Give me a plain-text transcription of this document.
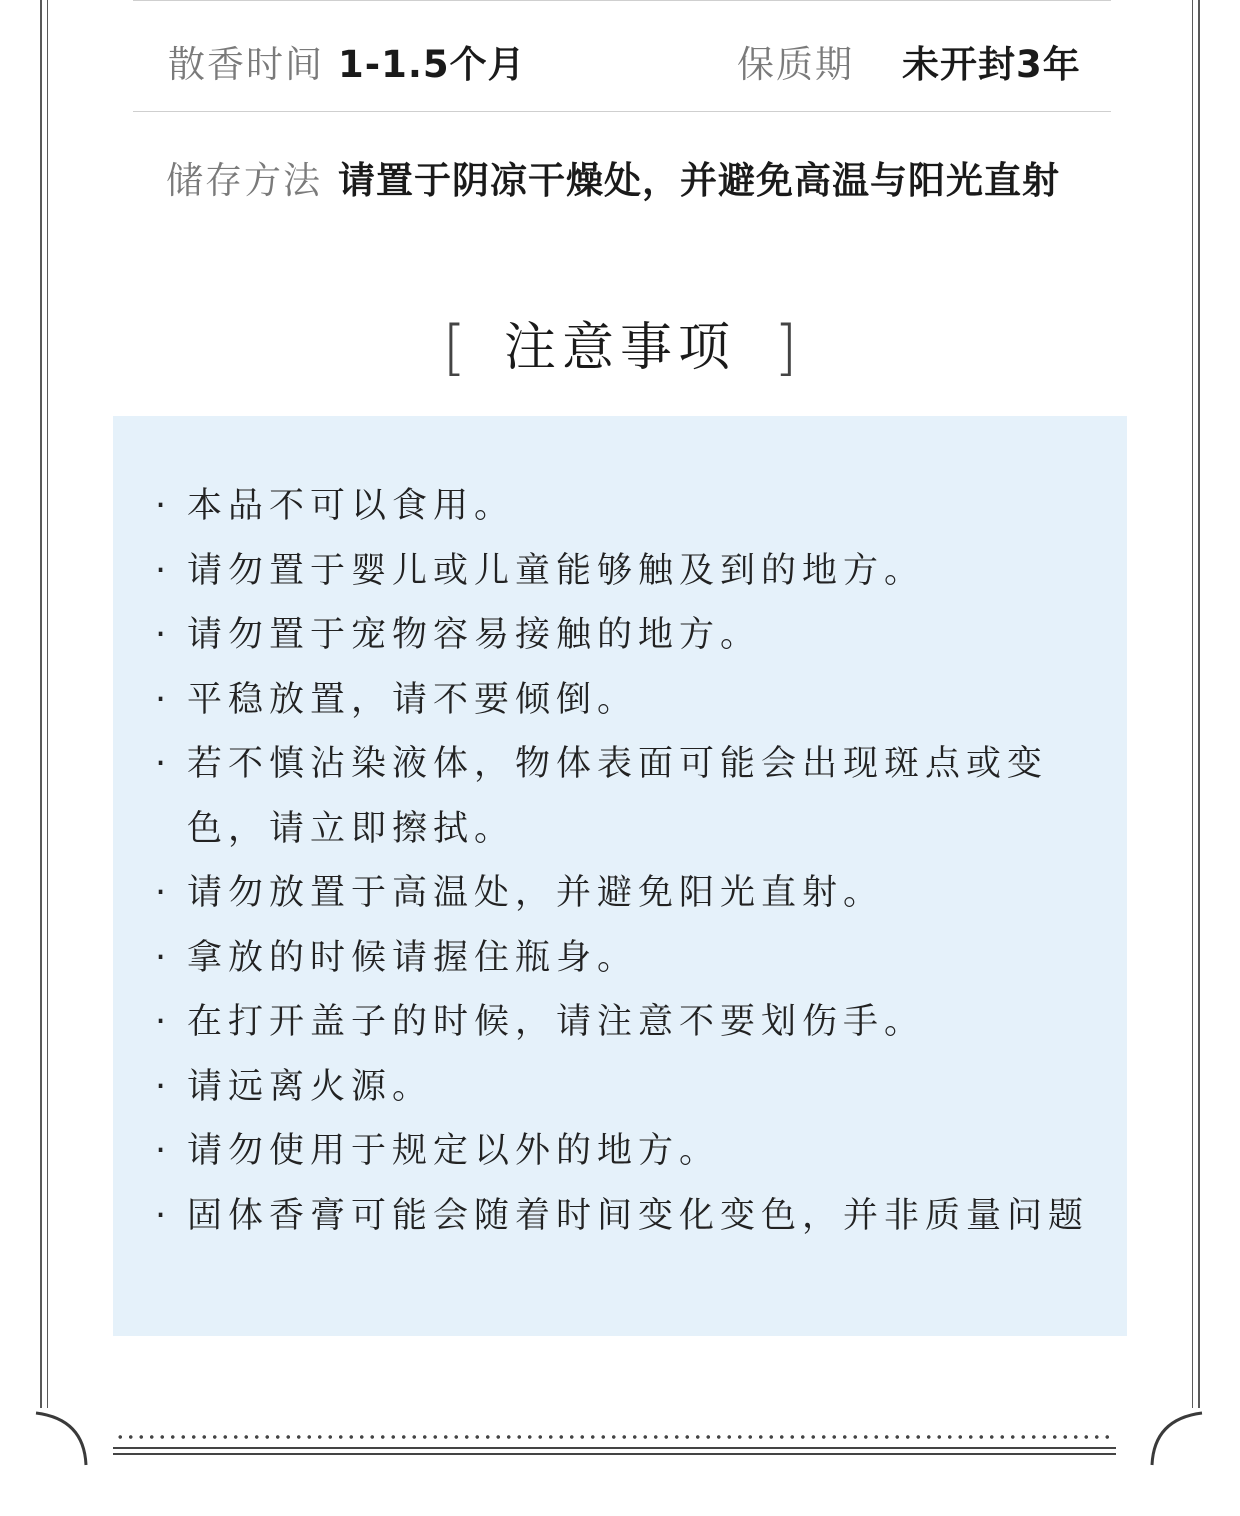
散香时间 1-1.5个月	保质期 未开封3年
储存方法 请置于阴凉干燥处，并避免高温与阳光直射
[ 注意事项 ]
· 本品不可以食用。
· 请勿置于婴儿或儿童能够触及到的地方。
· 请勿置于宠物容易接触的地方。
· 平稳放置，请不要倾倒。
· 若不慎沾染液体，物体表面可能会出现斑点或变色，请立即擦拭。
· 请勿放置于高温处，并避免阳光直射。
· 拿放的时候请握住瓶身。
· 在打开盖子的时候，请注意不要划伤手。
· 请远离火源。
· 请勿使用于规定以外的地方。
· 固体香膏可能会随着时间变化变色，并非质量问题
